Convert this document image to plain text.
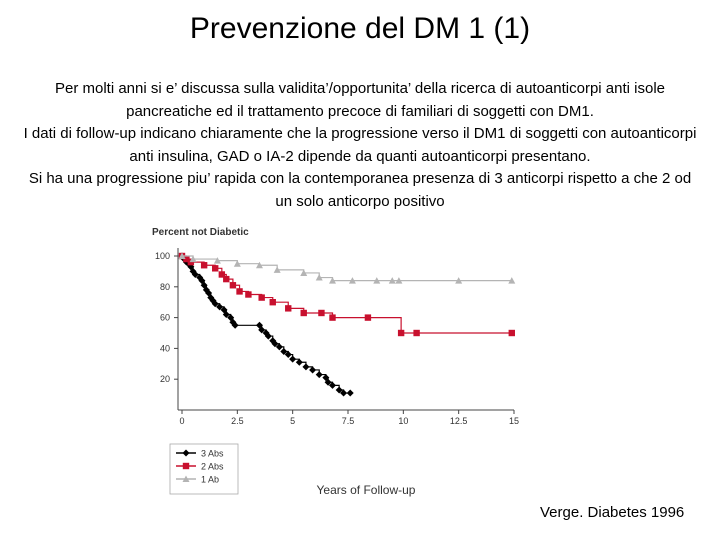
Prevenzione del DM 1 (1)

Per molti anni si e’ discussa sulla validita’/opportunita’ della ricerca di autoanticorpi anti isole pancreatiche ed il trattamento precoce di familiari di soggetti con DM1.

I dati di follow-up indicano chiaramente che la progressione verso il DM1 di soggetti con autoanticorpi anti insulina, GAD o IA-2 dipende da quanti autoanticorpi presentano.

Si ha una progressione piu’ rapida con la contemporanea presenza di 3 anticorpi rispetto a che 2 od un solo anticorpo positivo

Percent not Diabetic
0	2.5	5	7.5	10	12.5	15
20
40
60
80
100
3 Abs
2 Abs
1 Ab
Years of Follow-up
Verge. Diabetes 1996
